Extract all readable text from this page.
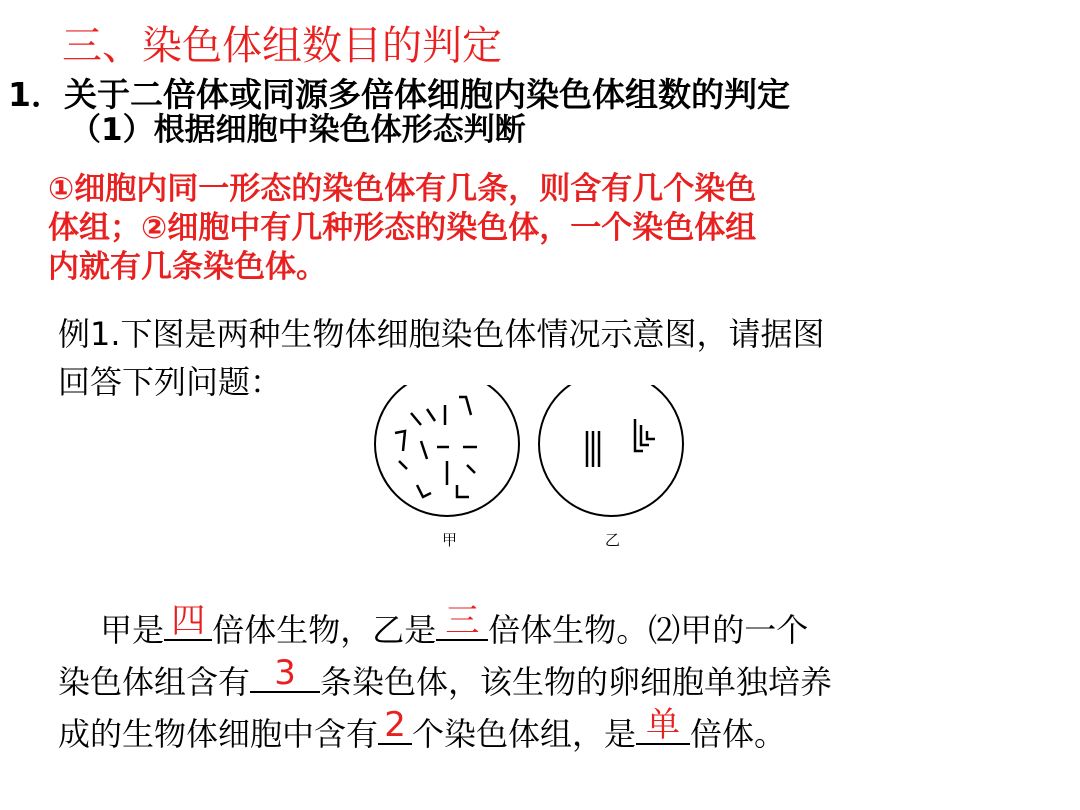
三、染色体组数目的判定
1．关于二倍体或同源多倍体细胞内染色体组数的判定
（1）根据细胞中染色体形态判断
①细胞内同一形态的染色体有几条，则含有几个染色
体组；②细胞中有几种形态的染色体，一个染色体组
内就有几条染色体。
例1.下图是两种生物体细胞染色体情况示意图，请据图
回答下列问题：
甲	乙
  甲是 四 倍体生物，乙是 三 倍体生物。⑵甲的一个
染色体组含有 3 条染色体，该生物的卵细胞单独培养
成的生物体细胞中含有 2 个染色体组，是 单 倍体。
